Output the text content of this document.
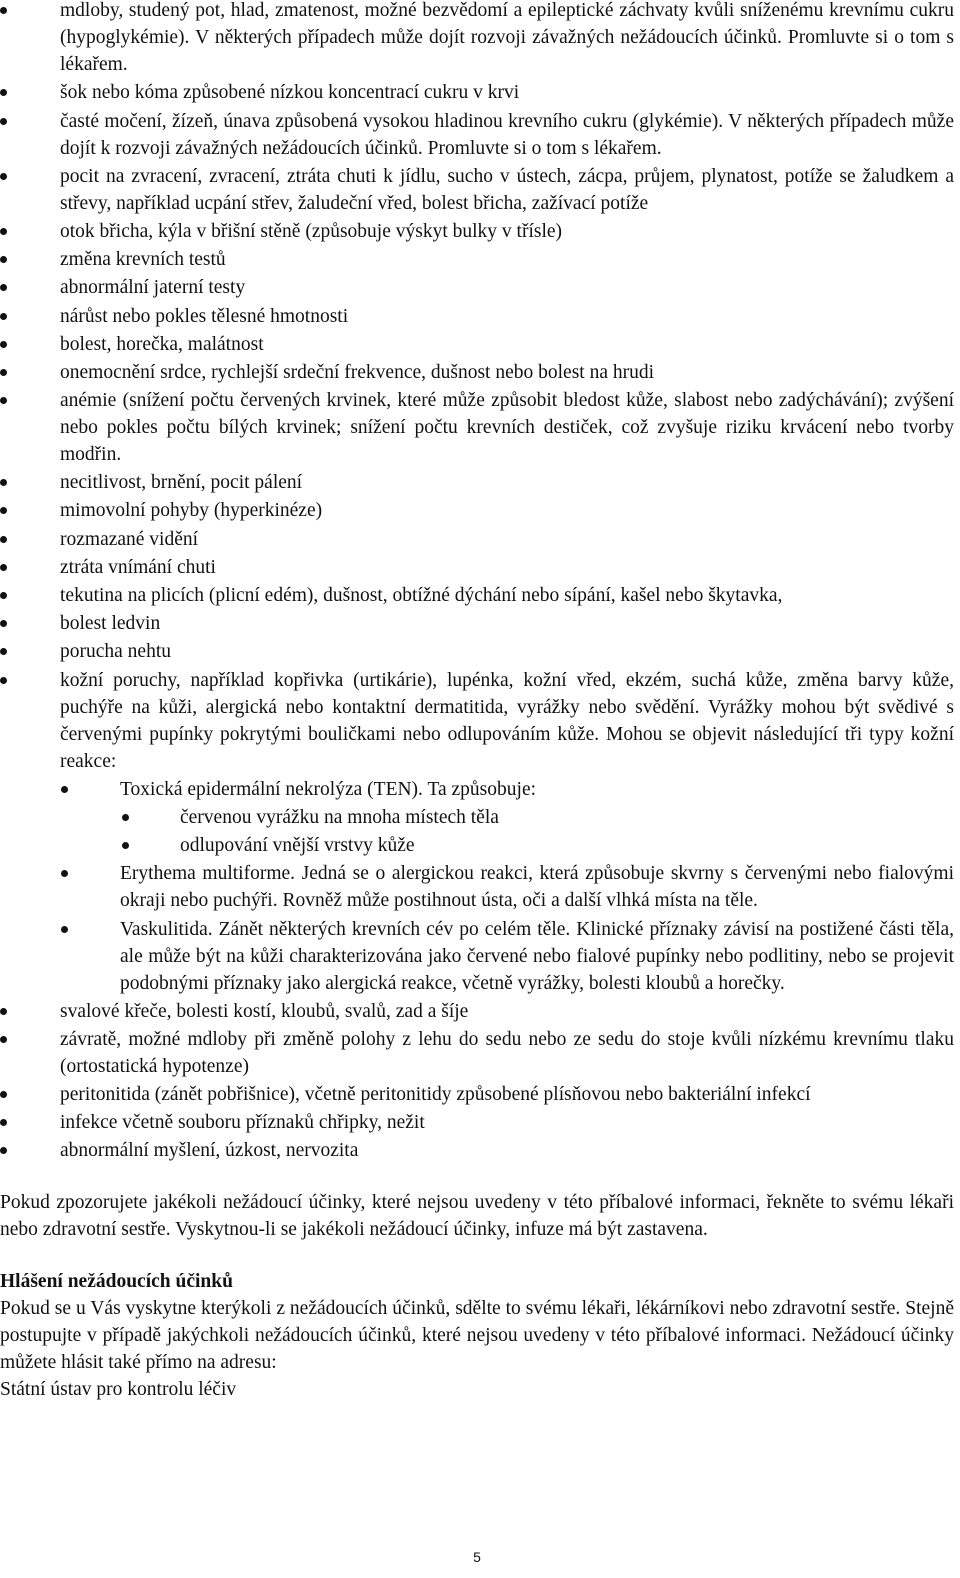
mdloby, studený pot, hlad, zmatenost, možné bezvědomí a epileptické záchvaty kvůli sníženému krevnímu cukru (hypoglykémie). V některých případech může dojít rozvoji závažných nežádoucích účinků. Promluvte si o tom s lékařem.
šok nebo kóma způsobené nízkou koncentrací cukru v krvi
časté močení, žízeň, únava způsobená vysokou hladinou krevního cukru (glykémie). V některých případech může dojít k rozvoji závažných nežádoucích účinků. Promluvte si o tom s lékařem.
pocit na zvracení, zvracení, ztráta chuti k jídlu, sucho v ústech, zácpa, průjem, plynatost, potíže se žaludkem a střevy, například ucpání střev, žaludeční vřed, bolest břicha, zažívací potíže
otok břicha, kýla v břišní stěně (způsobuje výskyt bulky v třísle)
změna krevních testů
abnormální jaterní testy
nárůst nebo pokles tělesné hmotnosti
bolest, horečka, malátnost
onemocnění srdce, rychlejší srdeční frekvence, dušnost nebo bolest na hrudi
anémie (snížení počtu červených krvinek, které může způsobit bledost kůže, slabost nebo zadýchávání); zvýšení nebo pokles počtu bílých krvinek; snížení počtu krevních destiček, což zvyšuje riziku krvácení nebo tvorby modřin.
necitlivost, brnění, pocit pálení
mimovolní pohyby (hyperkinéze)
rozmazané vidění
ztráta vnímání chuti
tekutina na plicích (plicní edém), dušnost, obtížné dýchání nebo sípání, kašel nebo škytavka,
bolest ledvin
porucha nehtu
kožní poruchy, například kopřivka (urtikárie), lupénka, kožní vřed, ekzém, suchá kůže, změna barvy kůže, puchýře na kůži, alergická nebo kontaktní dermatitida, vyrážky nebo svědění. Vyrážky mohou být svědivé s červenými pupínky pokrytými bouličkami nebo odlupováním kůže. Mohou se objevit následující tři typy kožní reakce:
Toxická epidermální nekrolýza (TEN). Ta způsobuje:
červenou vyrážku na mnoha místech těla
odlupování vnější vrstvy kůže
Erythema multiforme. Jedná se o alergickou reakci, která způsobuje skvrny s červenými nebo fialovými okraji nebo puchýři. Rovněž může postihnout ústa, oči a další vlhká místa na těle.
Vaskulitida. Zánět některých krevních cév po celém těle. Klinické příznaky závisí na postižené části těla, ale může být na kůži charakterizována jako červené nebo fialové pupínky nebo podlitiny, nebo se projevit podobnými příznaky jako alergická reakce, včetně vyrážky, bolesti kloubů a horečky.
svalové křeče, bolesti kostí, kloubů, svalů, zad a šíje
závratě, možné mdloby při změně polohy z lehu do sedu nebo ze sedu do stoje kvůli nízkému krevnímu tlaku (ortostatická hypotenze)
peritonitida (zánět pobřišnice), včetně peritonitidy způsobené plísňovou nebo bakteriální infekcí
infekce včetně souboru příznaků chřipky, nežit
abnormální myšlení, úzkost, nervozita

Pokud zpozorujete jakékoli nežádoucí účinky, které nejsou uvedeny v této příbalové informaci, řekněte to svému lékaři nebo zdravotní sestře. Vyskytnou-li se jakékoli nežádoucí účinky, infuze má být zastavena.

Hlášení nežádoucích účinků

Pokud se u Vás vyskytne kterýkoli z nežádoucích účinků, sdělte to svému lékaři, lékárníkovi nebo zdravotní sestře. Stejně postupujte v případě jakýchkoli nežádoucích účinků, které nejsou uvedeny v této příbalové informaci. Nežádoucí účinky můžete hlásit také přímo na adresu:

Státní ústav pro kontrolu léčiv
5
